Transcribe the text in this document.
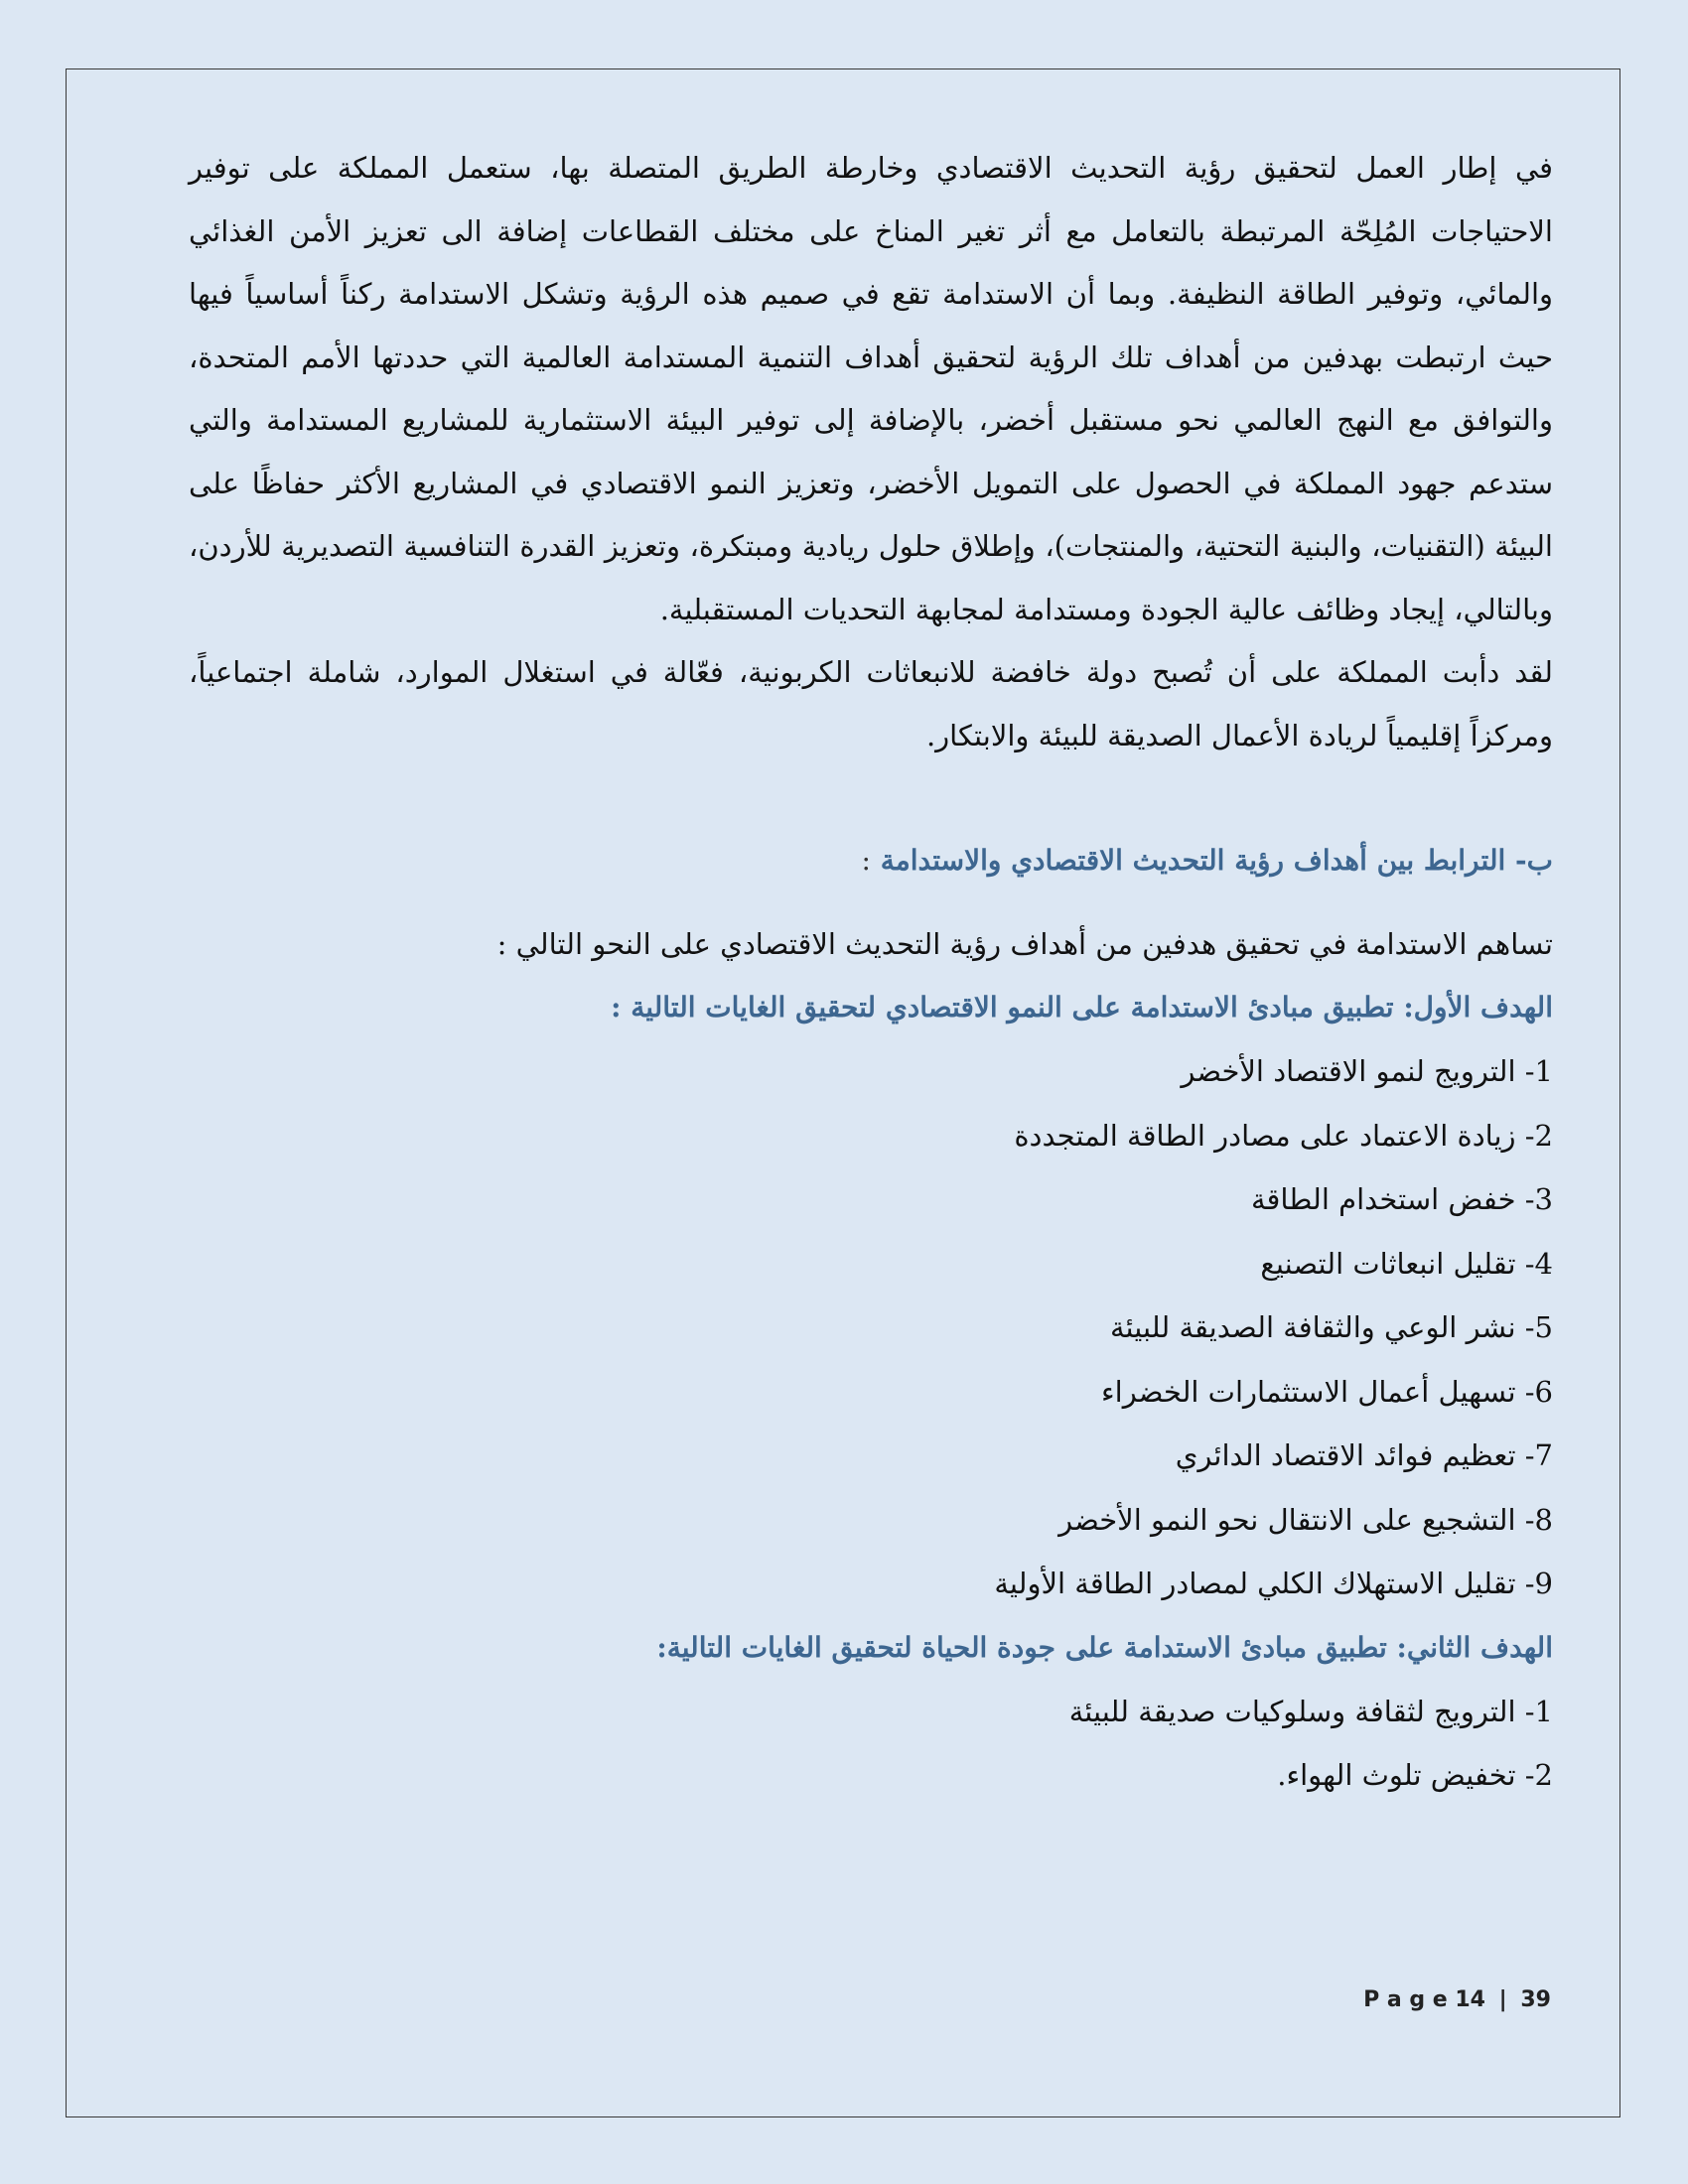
في إطار العمل لتحقيق رؤية التحديث الاقتصادي وخارطة الطريق المتصلة بها، ستعمل المملكة على توفير الاحتياجات المُلِحّة المرتبطة بالتعامل مع أثر تغير المناخ على مختلف القطاعات إضافة الى تعزيز الأمن الغذائي والمائي، وتوفير الطاقة النظيفة. وبما أن الاستدامة تقع في صميم هذه الرؤية وتشكل الاستدامة ركناً أساسياً فيها حيث ارتبطت بهدفين من أهداف تلك الرؤية لتحقيق أهداف التنمية المستدامة العالمية التي حددتها الأمم المتحدة، والتوافق مع النهج العالمي نحو مستقبل أخضر، بالإضافة إلى توفير البيئة الاستثمارية للمشاريع المستدامة والتي ستدعم جهود المملكة في الحصول على التمويل الأخضر، وتعزيز النمو الاقتصادي في المشاريع الأكثر حفاظًا على البيئة (التقنيات، والبنية التحتية، والمنتجات)، وإطلاق حلول ريادية ومبتكرة، وتعزيز القدرة التنافسية التصديرية للأردن، وبالتالي، إيجاد وظائف عالية الجودة ومستدامة لمجابهة التحديات المستقبلية.

لقد دأبت المملكة على أن تُصبح دولة خافضة للانبعاثات الكربونية، فعّالة في استغلال الموارد، شاملة اجتماعياً، ومركزاً إقليمياً لريادة الأعمال الصديقة للبيئة والابتكار.

ب- الترابط بين أهداف رؤية التحديث الاقتصادي والاستدامة :

تساهم الاستدامة في تحقيق هدفين من أهداف رؤية التحديث الاقتصادي على النحو التالي :

الهدف الأول: تطبيق مبادئ الاستدامة على النمو الاقتصادي لتحقيق الغايات التالية :
1- الترويج لنمو الاقتصاد الأخضر
2- زيادة الاعتماد على مصادر الطاقة المتجددة
3- خفض استخدام الطاقة
4- تقليل انبعاثات التصنيع
5- نشر الوعي والثقافة الصديقة للبيئة
6- تسهيل أعمال الاستثمارات الخضراء
7- تعظيم فوائد الاقتصاد الدائري
8- التشجيع على الانتقال نحو النمو الأخضر
9- تقليل الاستهلاك الكلي لمصادر الطاقة الأولية
الهدف الثاني: تطبيق مبادئ الاستدامة على جودة الحياة لتحقيق الغايات التالية:
1- الترويج لثقافة وسلوكيات صديقة للبيئة
2- تخفيض تلوث الهواء.
P a g e 14 | 39
